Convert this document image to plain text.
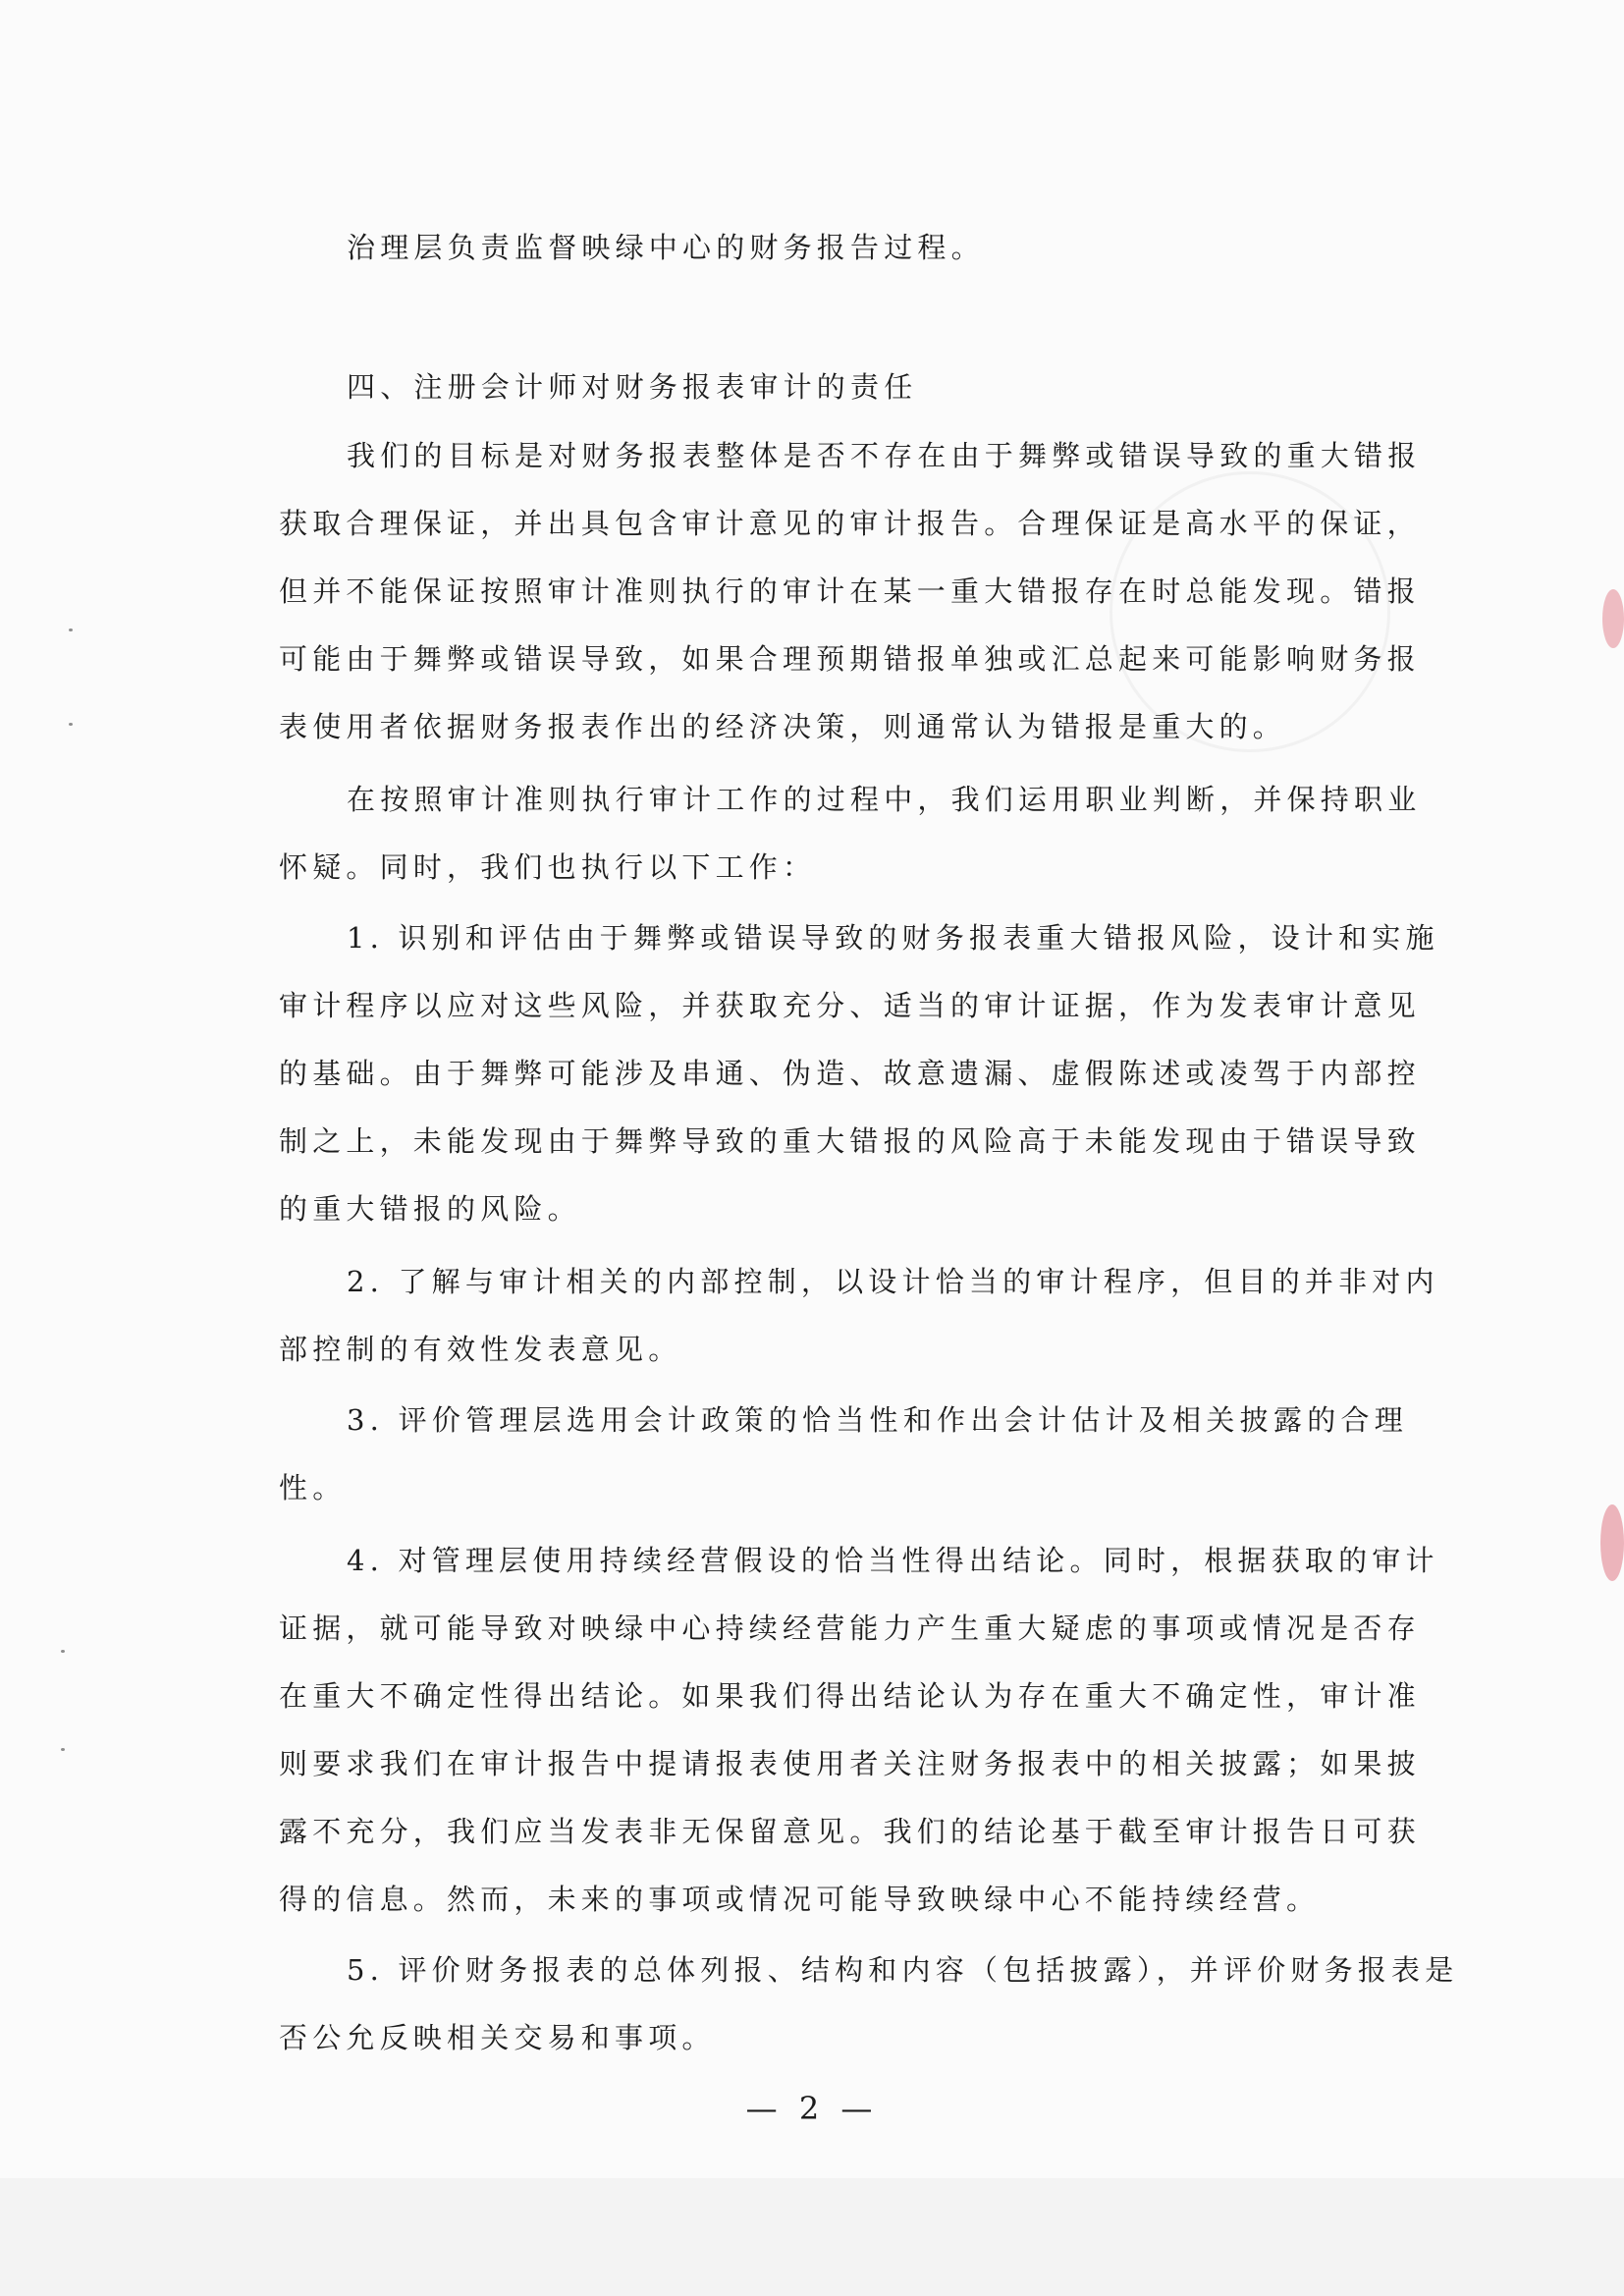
治理层负责监督映绿中心的财务报告过程。
四、注册会计师对财务报表审计的责任
我们的目标是对财务报表整体是否不存在由于舞弊或错误导致的重大错报
获取合理保证，并出具包含审计意见的审计报告。合理保证是高水平的保证，
但并不能保证按照审计准则执行的审计在某一重大错报存在时总能发现。错报
可能由于舞弊或错误导致，如果合理预期错报单独或汇总起来可能影响财务报
表使用者依据财务报表作出的经济决策，则通常认为错报是重大的。
在按照审计准则执行审计工作的过程中，我们运用职业判断，并保持职业
怀疑。同时，我们也执行以下工作：
1. 识别和评估由于舞弊或错误导致的财务报表重大错报风险，设计和实施
审计程序以应对这些风险，并获取充分、适当的审计证据，作为发表审计意见
的基础。由于舞弊可能涉及串通、伪造、故意遗漏、虚假陈述或凌驾于内部控
制之上，未能发现由于舞弊导致的重大错报的风险高于未能发现由于错误导致
的重大错报的风险。
2. 了解与审计相关的内部控制，以设计恰当的审计程序，但目的并非对内
部控制的有效性发表意见。
3. 评价管理层选用会计政策的恰当性和作出会计估计及相关披露的合理
性。
4. 对管理层使用持续经营假设的恰当性得出结论。同时，根据获取的审计
证据，就可能导致对映绿中心持续经营能力产生重大疑虑的事项或情况是否存
在重大不确定性得出结论。如果我们得出结论认为存在重大不确定性，审计准
则要求我们在审计报告中提请报表使用者关注财务报表中的相关披露；如果披
露不充分，我们应当发表非无保留意见。我们的结论基于截至审计报告日可获
得的信息。然而，未来的事项或情况可能导致映绿中心不能持续经营。
5. 评价财务报表的总体列报、结构和内容（包括披露），并评价财务报表是
否公允反映相关交易和事项。
— 2 —
